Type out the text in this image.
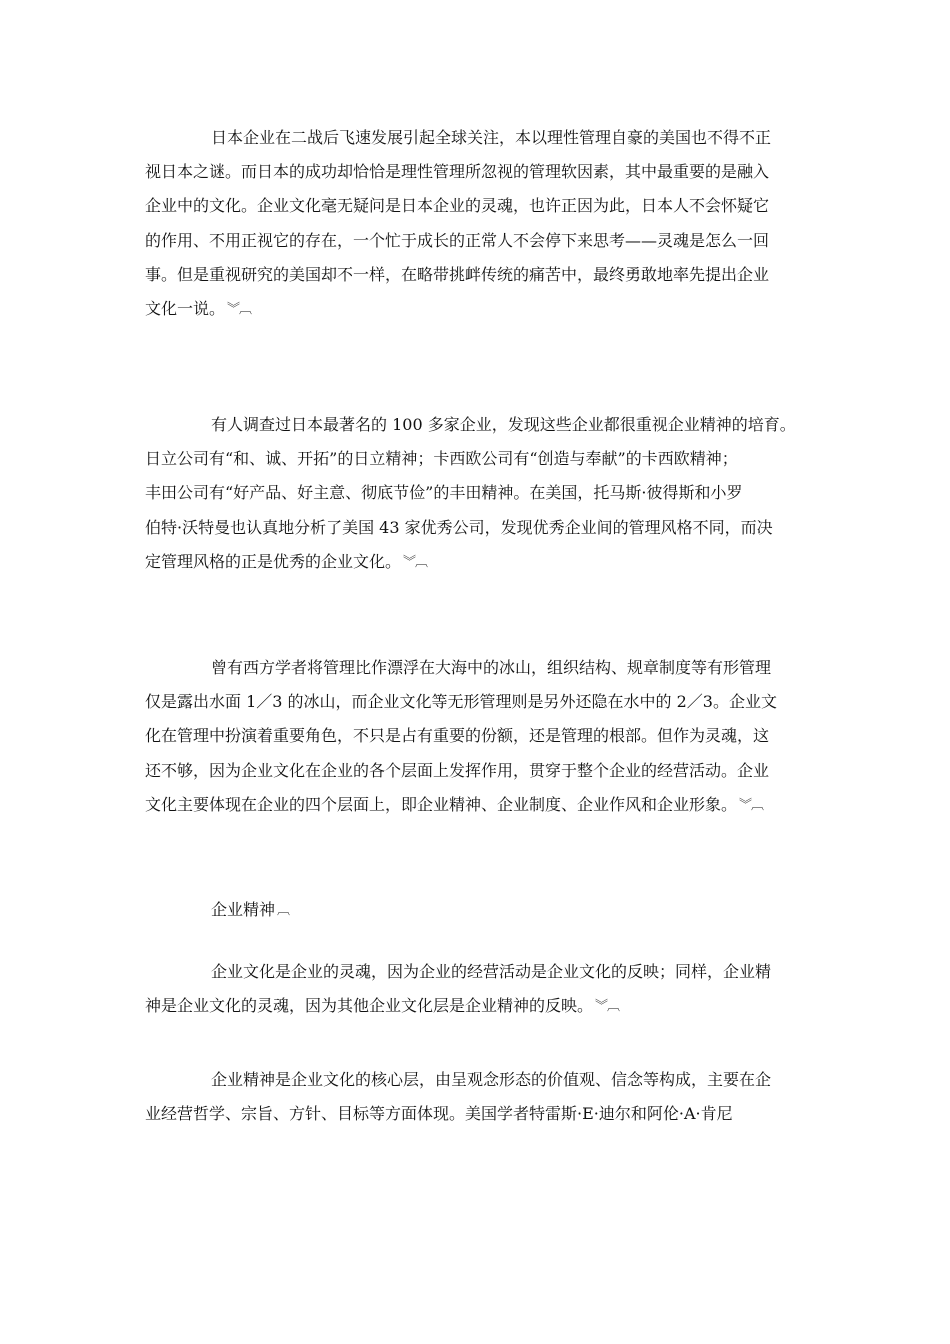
日本企业在二战后飞速发展引起全球关注，本以理性管理自豪的美国也不得不正
视日本之谜。而日本的成功却恰恰是理性管理所忽视的管理软因素，其中最重要的是融入
企业中的文化。企业文化毫无疑问是日本企业的灵魂，也许正因为此，日本人不会怀疑它
的作用、不用正视它的存在，一个忙于成长的正常人不会停下来思考——灵魂是怎么一回
事。但是重视研究的美国却不一样，在略带挑衅传统的痛苦中，最终勇敢地率先提出企业
文化一说。 ︾︹
有人调查过日本最著名的 100 多家企业，发现这些企业都很重视企业精神的培育。
日立公司有“和、诚、开拓”的日立精神；卡西欧公司有“创造与奉献”的卡西欧精神；
丰田公司有“好产品、好主意、彻底节俭”的丰田精神。在美国，托马斯·彼得斯和小罗
伯特·沃特曼也认真地分析了美国 43 家优秀公司，发现优秀企业间的管理风格不同，而决
定管理风格的正是优秀的企业文化。 ︾︹
曾有西方学者将管理比作漂浮在大海中的冰山，组织结构、规章制度等有形管理
仅是露出水面 1／3 的冰山，而企业文化等无形管理则是另外还隐在水中的 2／3。企业文
化在管理中扮演着重要角色，不只是占有重要的份额，还是管理的根部。但作为灵魂，这
还不够，因为企业文化在企业的各个层面上发挥作用，贯穿于整个企业的经营活动。企业
文化主要体现在企业的四个层面上，即企业精神、企业制度、企业作风和企业形象。 ︾︹
企业精神 ︹
企业文化是企业的灵魂，因为企业的经营活动是企业文化的反映；同样，企业精
神是企业文化的灵魂，因为其他企业文化层是企业精神的反映。 ︾︹
企业精神是企业文化的核心层，由呈观念形态的价值观、信念等构成，主要在企
业经营哲学、宗旨、方针、目标等方面体现。美国学者特雷斯·E·迪尔和阿伦·A·肯尼
